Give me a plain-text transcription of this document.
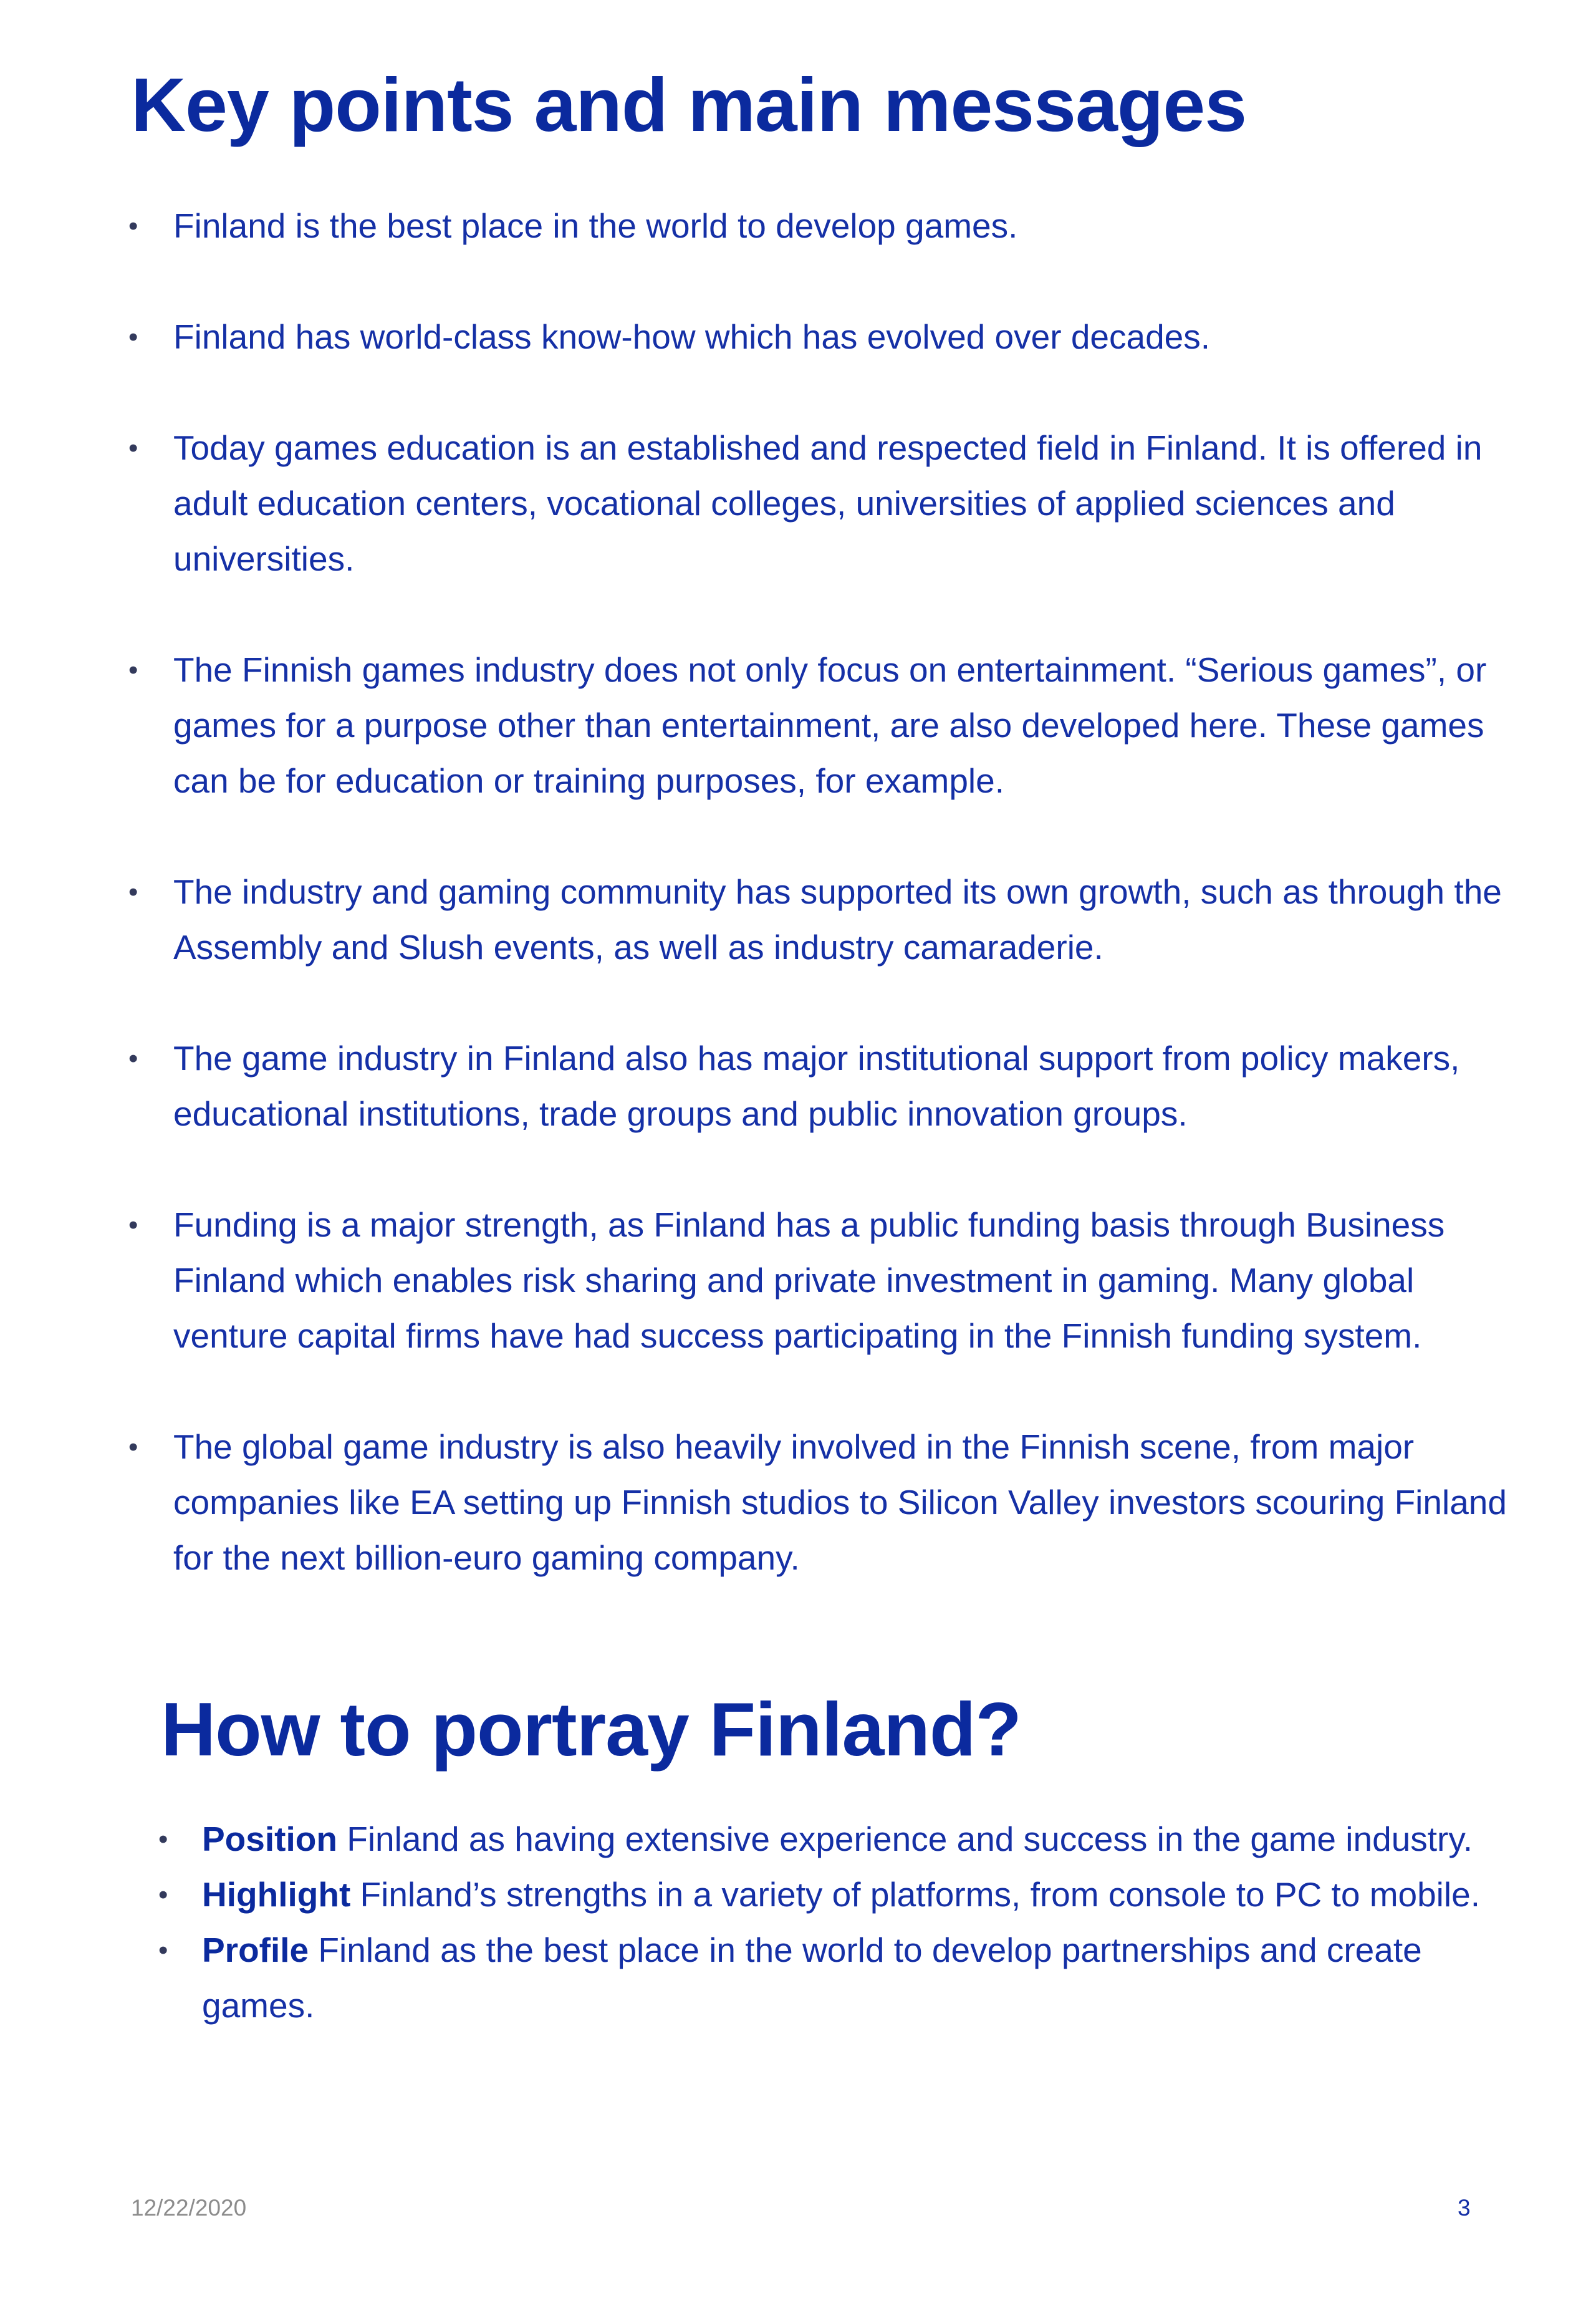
Key points and main messages
• Finland is the best place in the world to develop games.
• Finland has world-class know-how which has evolved over decades.
• Today games education is an established and respected field in Finland. It is offered in adult education centers, vocational colleges, universities of applied sciences and universities.
• The Finnish games industry does not only focus on entertainment. “Serious games”, or games for a purpose other than entertainment, are also developed here. These games can be for education or training purposes, for example.
• The industry and gaming community has supported its own growth, such as through the Assembly and Slush events, as well as industry camaraderie.
• The game industry in Finland also has major institutional support from policy makers, educational institutions, trade groups and public innovation groups.
• Funding is a major strength, as Finland has a public funding basis through Business Finland which enables risk sharing and private investment in gaming. Many global venture capital firms have had success participating in the Finnish funding system.
• The global game industry is also heavily involved in the Finnish scene, from major companies like EA setting up Finnish studios to Silicon Valley investors scouring Finland for the next billion-euro gaming company.
How to portray Finland?
• Position Finland as having extensive experience and success in the game industry.
• Highlight Finland’s strengths in a variety of platforms, from console to PC to mobile.
• Profile Finland as the best place in the world to develop partnerships and create games.
12/22/2020	3
